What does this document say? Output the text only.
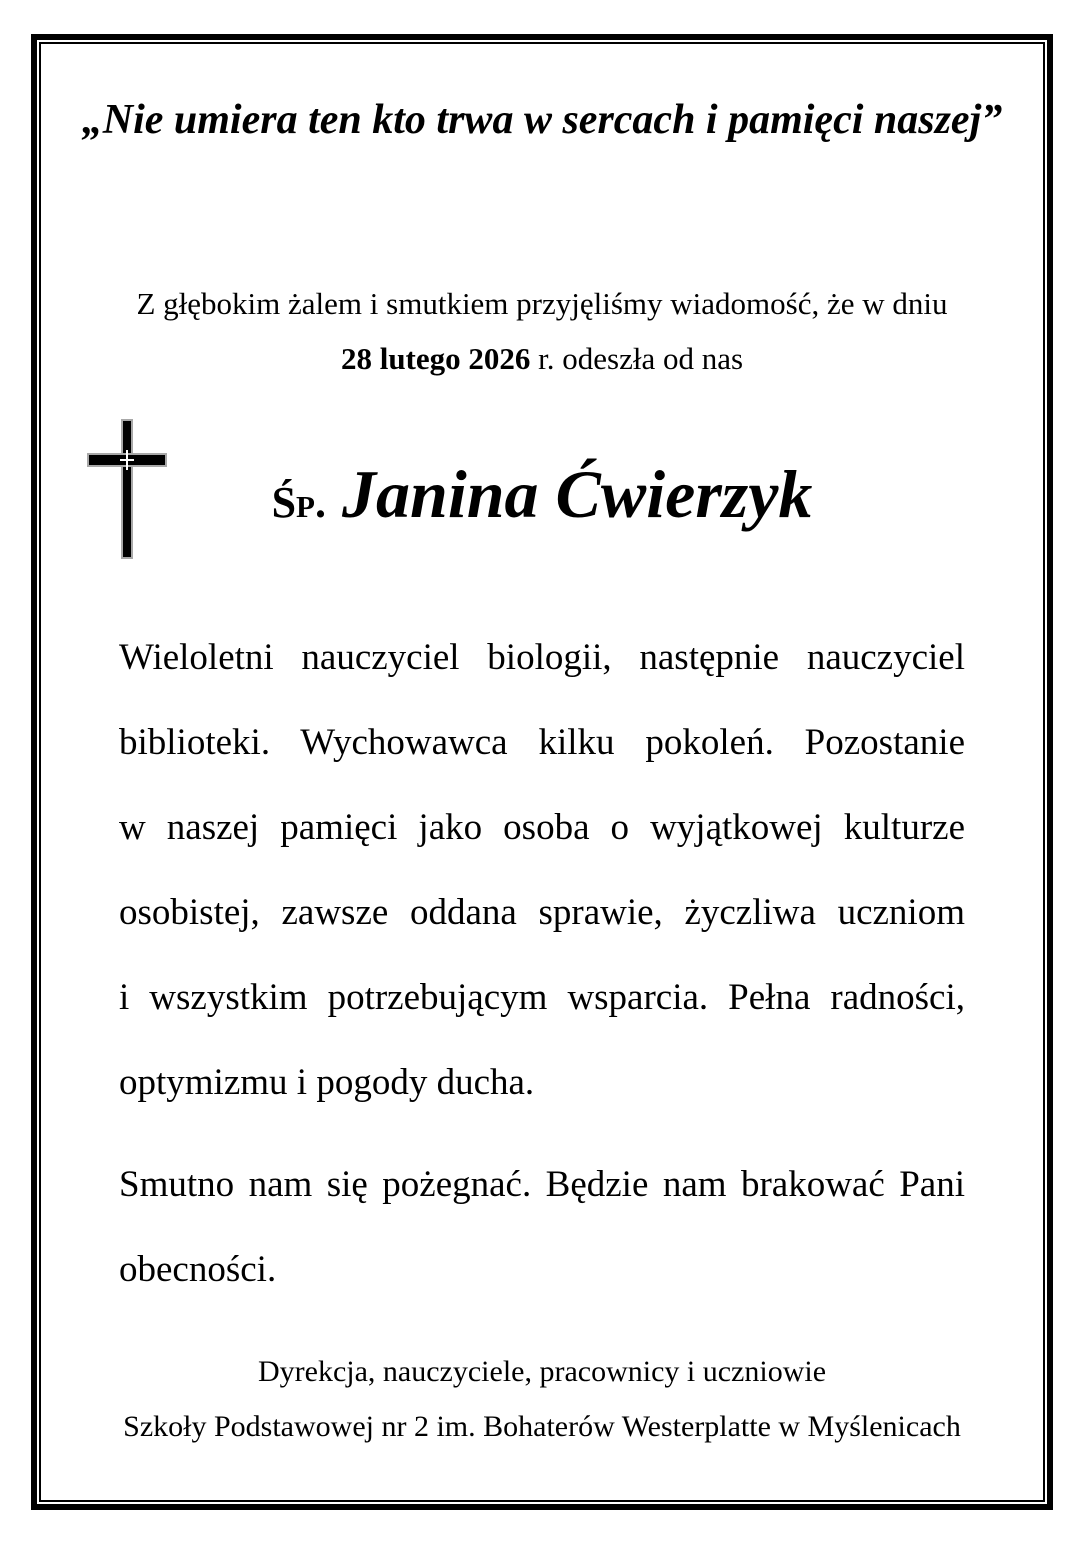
„Nie umiera ten kto trwa w sercach i pamięci naszej”
Z głębokim żalem i smutkiem przyjęliśmy wiadomość, że w dniu
28 lutego 2026 r. odeszła od nas
Śp. Janina Ćwierzyk

Wieloletni nauczyciel biologii, następnie nauczyciel biblioteki. Wychowawca kilku pokoleń. Pozostanie w naszej pamięci jako osoba o wyjątkowej kulturze osobistej, zawsze oddana sprawie, życzliwa uczniom i wszystkim potrzebującym wsparcia. Pełna radności, optymizmu i pogody ducha.

Smutno nam się pożegnać. Będzie nam brakować Pani obecności.

Dyrekcja, nauczyciele, pracownicy i uczniowie
Szkoły Podstawowej nr 2 im. Bohaterów Westerplatte w Myślenicach
